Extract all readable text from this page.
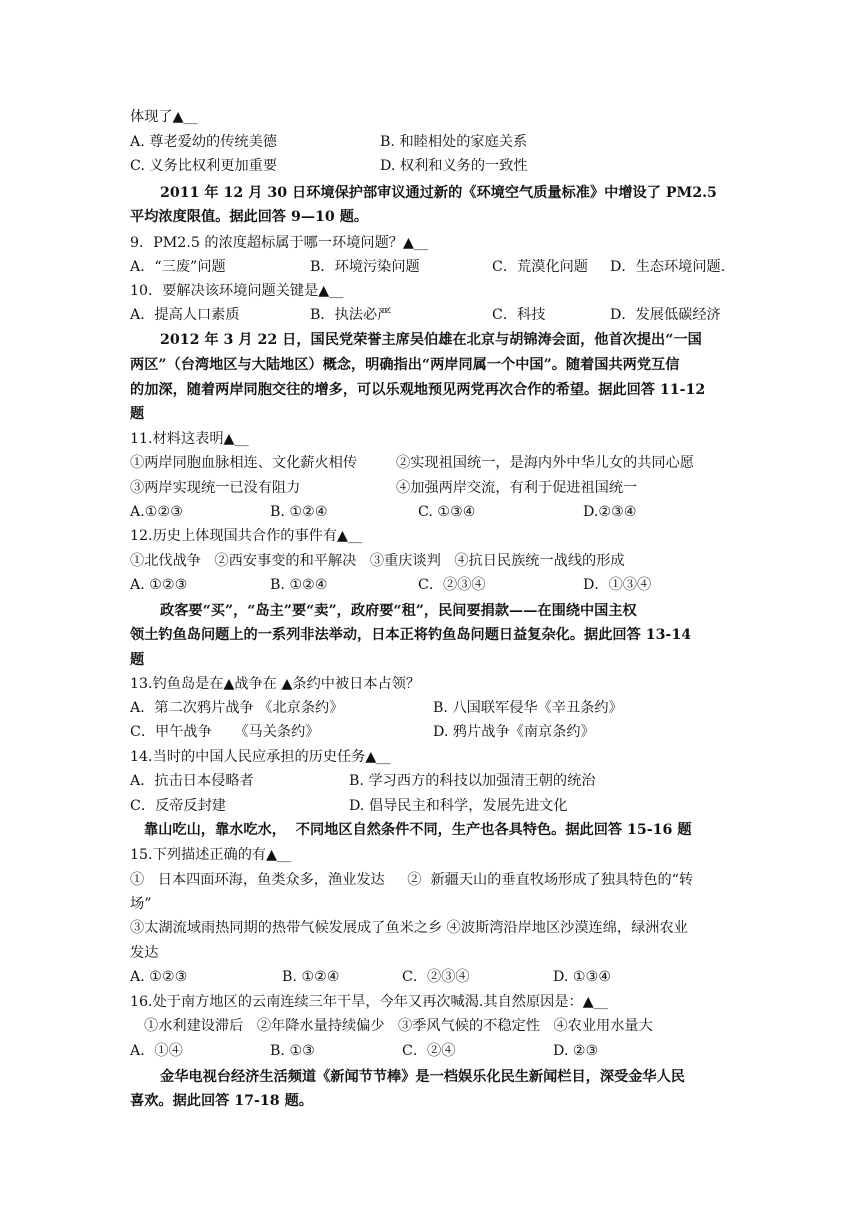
体现了▲__
A. 尊老爱幼的传统美德	B. 和睦相处的家庭关系
C. 义务比权利更加重要	D. 权利和义务的一致性
2011 年 12 月 30 日环境保护部审议通过新的《环境空气质量标准》中增设了 PM2.5
平均浓度限值。据此回答 9—10 题。
9．PM2.5 的浓度超标属于哪一环境问题？▲__
A．“三废”问题	B．环境污染问题	C．荒漠化问题 D．生态环境问题.
10．要解决该环境问题关键是▲__
A．提高人口素质	B．执法必严	C．科技	D．发展低碳经济
2012 年 3 月 22 日，国民党荣誉主席吴伯雄在北京与胡锦涛会面，他首次提出“一国
两区”（台湾地区与大陆地区）概念，明确指出“两岸同属一个中国”。随着国共两党互信
的加深，随着两岸同胞交往的增多，可以乐观地预见两党再次合作的希望。据此回答 11-12
题
11.材料这表明▲__
①两岸同胞血脉相连、文化薪火相传	②实现祖国统一，是海内外中华儿女的共同心愿
③两岸实现统一已没有阻力	④加强两岸交流，有利于促进祖国统一
A.①②③	B. ①②④	C. ①③④	D.②③④
12.历史上体现国共合作的事件有▲__
①北伐战争   ②西安事变的和平解决   ③重庆谈判   ④抗日民族统一战线的形成
A. ①②③	B. ①②④	C．②③④	D．①③④
政客要“买”，“岛主”要“卖”，政府要“租”，民间要捐款——在围绕中国主权
领土钓鱼岛问题上的一系列非法举动，日本正将钓鱼岛问题日益复杂化。据此回答 13-14
题
13.钓鱼岛是在▲战争在 ▲条约中被日本占领？
A．第二次鸦片战争 《北京条约》	B. 八国联军侵华《辛丑条约》
C．甲午战争     《马关条约》	D. 鸦片战争《南京条约》
14.当时的中国人民应承担的历史任务▲__
A．抗击日本侵略者	B. 学习西方的科技以加强清王朝的统治
C．反帝反封建	D. 倡导民主和科学，发展先进文化
靠山吃山，靠水吃水，  不同地区自然条件不同，生产也各具特色。据此回答 15-16 题
15.下列描述正确的有▲__
①   日本四面环海，鱼类众多，渔业发达     ②  新疆天山的垂直牧场形成了独具特色的“转
场”
③太湖流域雨热同期的热带气候发展成了鱼米之乡 ④波斯湾沿岸地区沙漠连绵，绿洲农业
发达
A. ①②③	B. ①②④	C．②③④	D. ①③④
16.处于南方地区的云南连续三年干旱，今年又再次喊渴.其自然原因是：▲__
①水利建设滞后   ②年降水量持续偏少   ③季风气候的不稳定性   ④农业用水量大
A．①④	B. ①③	C．②④	D. ②③
金华电视台经济生活频道《新闻节节棒》是一档娱乐化民生新闻栏目，深受金华人民
喜欢。据此回答 17-18 题。
